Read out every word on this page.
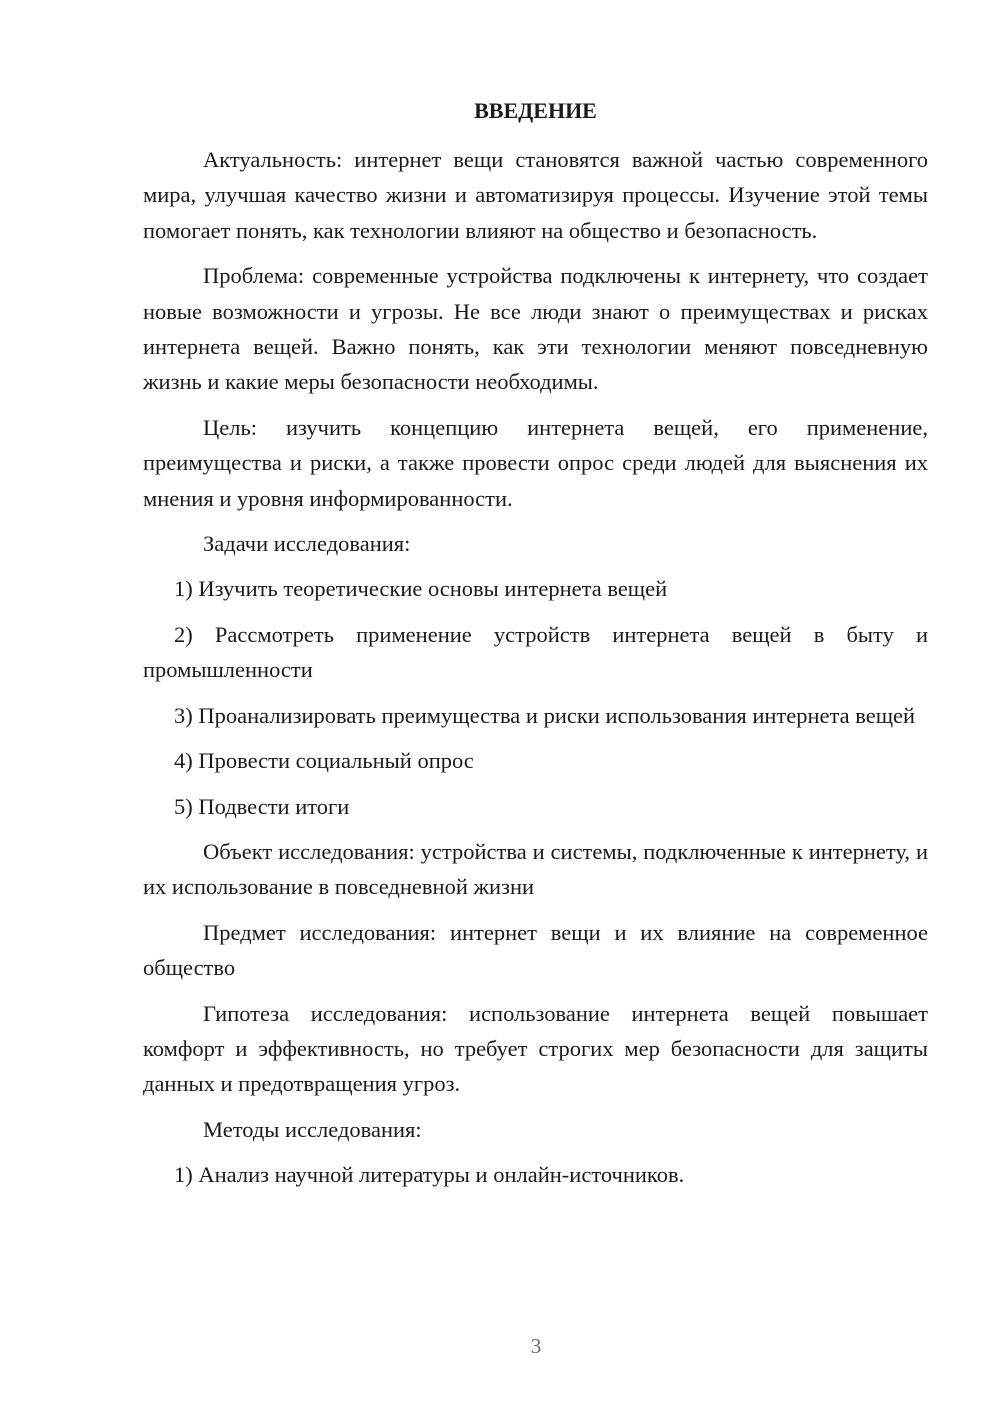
ВВЕДЕНИЕ

Актуальность: интернет вещи становятся важной частью современного мира, улучшая качество жизни и автоматизируя процессы. Изучение этой темы помогает понять, как технологии влияют на общество и безопасность.

Проблема: современные устройства подключены к интернету, что создает новые возможности и угрозы. Не все люди знают о преимуществах и рисках интернета вещей. Важно понять, как эти технологии меняют повседневную жизнь и какие меры безопасности необходимы.

Цель: изучить концепцию интернета вещей, его применение, преимущества и риски, а также провести опрос среди людей для выяснения их мнения и уровня информированности.

Задачи исследования:

1) Изучить теоретические основы интернета вещей

2) Рассмотреть применение устройств интернета вещей в быту и промышленности

3) Проанализировать преимущества и риски использования интернета вещей

4) Провести социальный опрос

5) Подвести итоги

Объект исследования: устройства и системы, подключенные к интернету, и их использование в повседневной жизни

Предмет исследования: интернет вещи и их влияние на современное общество

Гипотеза исследования: использование интернета вещей повышает комфорт и эффективность, но требует строгих мер безопасности для защиты данных и предотвращения угроз.

Методы исследования:

1) Анализ научной литературы и онлайн-источников.

3
